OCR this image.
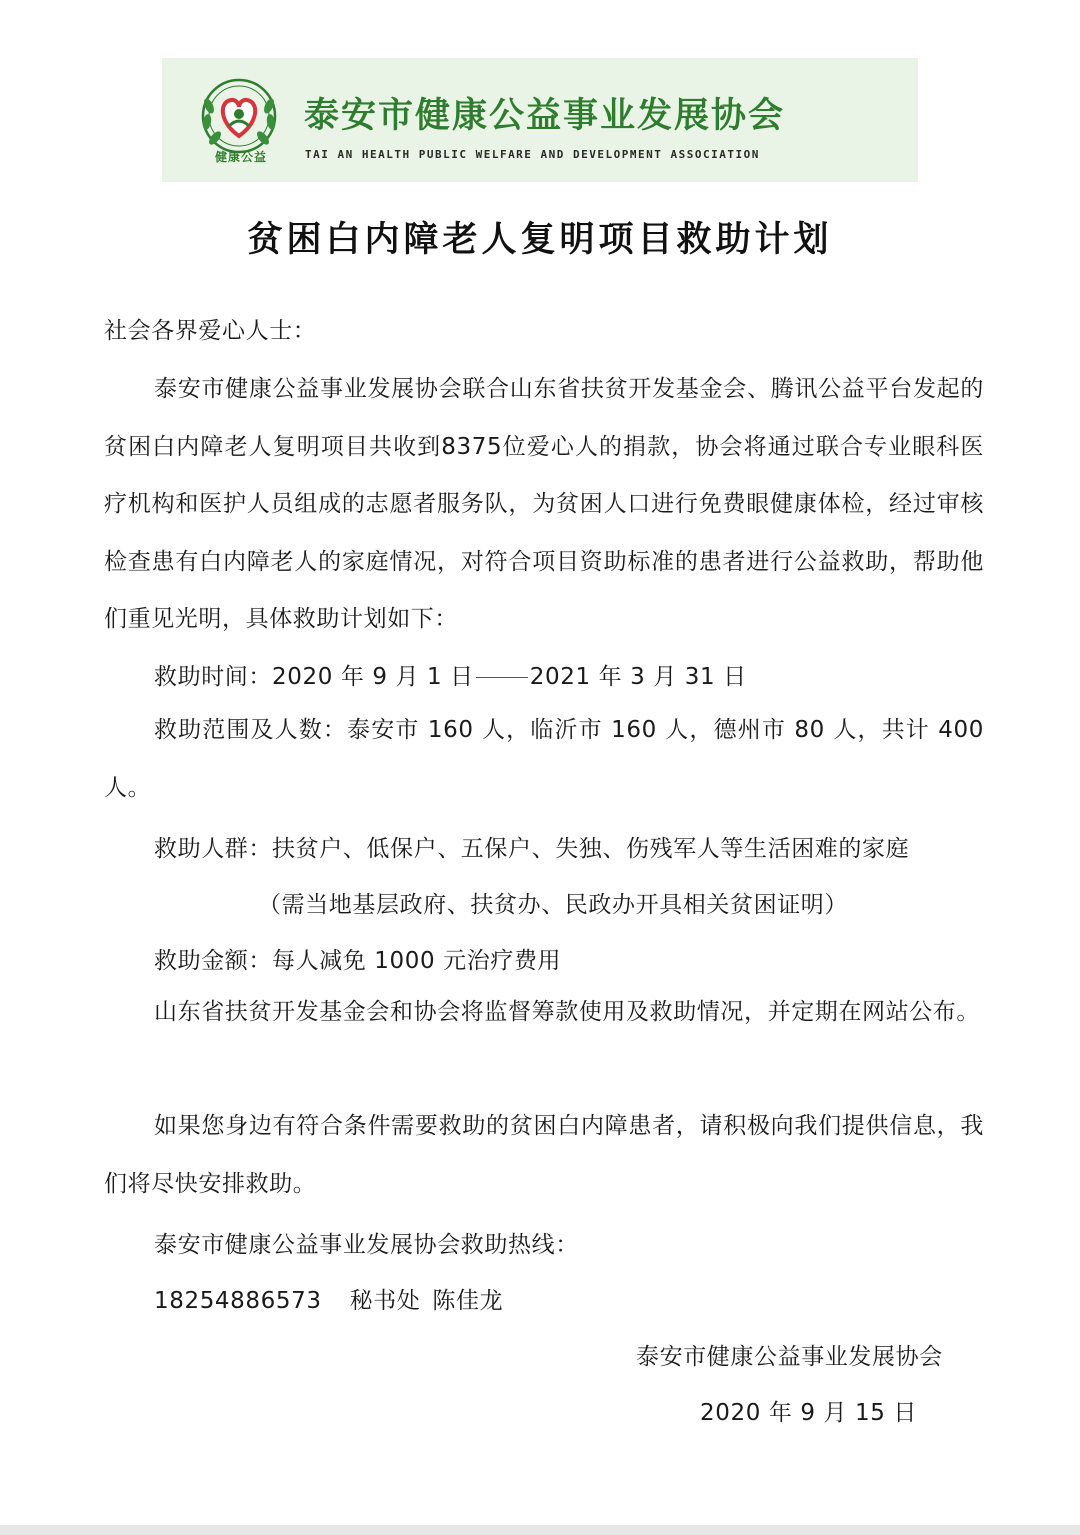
健康公益
泰安市健康公益事业发展协会
TAI AN HEALTH PUBLIC WELFARE AND DEVELOPMENT ASSOCIATION
贫困白内障老人复明项目救助计划
社会各界爱心人士：
泰安市健康公益事业发展协会联合山东省扶贫开发基金会、腾讯公益平台发起的贫困白内障老人复明项目共收到8375位爱心人的捐款，协会将通过联合专业眼科医疗机构和医护人员组成的志愿者服务队，为贫困人口进行免费眼健康体检，经过审核检查患有白内障老人的家庭情况，对符合项目资助标准的患者进行公益救助，帮助他们重见光明，具体救助计划如下：
救助时间：2020 年 9 月 1 日 2021 年 3 月 31 日
救助范围及人数：泰安市 160 人，临沂市 160 人，德州市 80 人，共计 400 人。
救助人群：扶贫户、低保户、五保户、失独、伤残军人等生活困难的家庭
（需当地基层政府、扶贫办、民政办开具相关贫困证明）
救助金额：每人减免 1000 元治疗费用
山东省扶贫开发基金会和协会将监督筹款使用及救助情况，并定期在网站公布。
如果您身边有符合条件需要救助的贫困白内障患者，请积极向我们提供信息，我们将尽快安排救助。
泰安市健康公益事业发展协会救助热线：
18254886573 秘书处 陈佳龙
泰安市健康公益事业发展协会
2020 年 9 月 15 日
